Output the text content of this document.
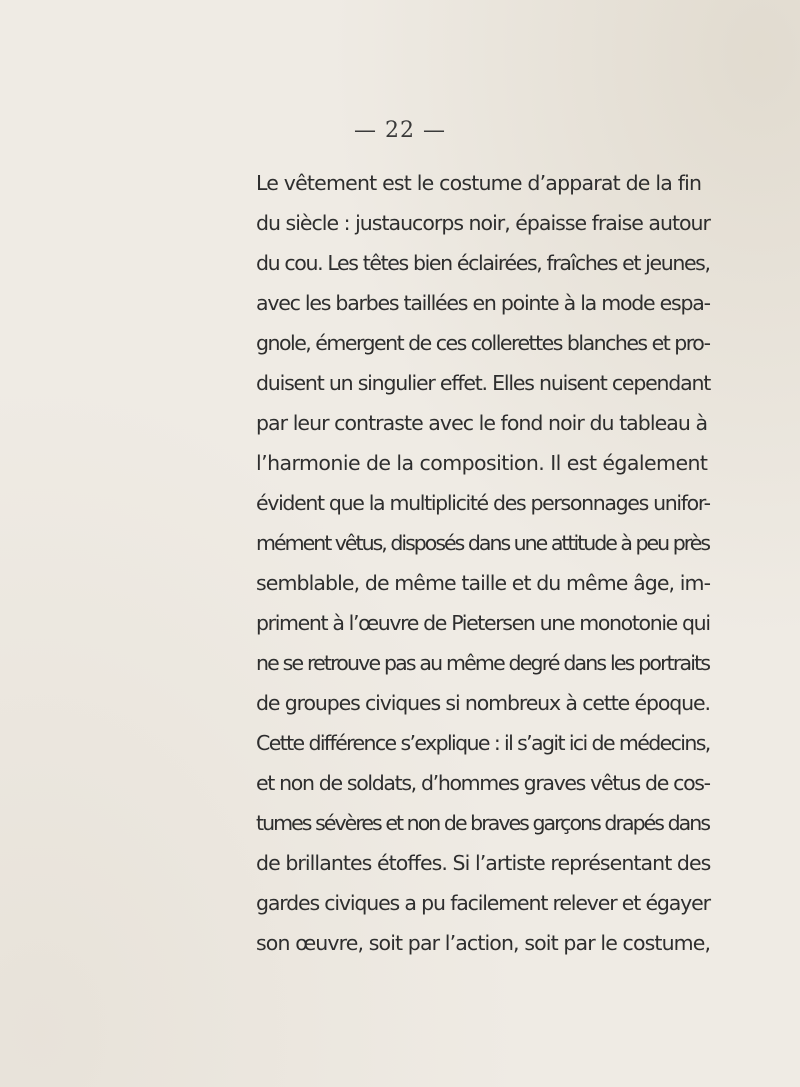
— 22 —
Le vêtement est le costume d’apparat de la fin
du siècle : justaucorps noir, épaisse fraise autour
du cou. Les têtes bien éclairées, fraîches et jeunes,
avec les barbes taillées en pointe à la mode espa-
gnole, émergent de ces collerettes blanches et pro-
duisent un singulier effet. Elles nuisent cependant
par leur contraste avec le fond noir du tableau à
l’harmonie de la composition. Il est également
évident que la multiplicité des personnages unifor-
mément vêtus, disposés dans une attitude à peu près
semblable, de même taille et du même âge, im-
priment à l’œuvre de Pietersen une monotonie qui
ne se retrouve pas au même degré dans les portraits
de groupes civiques si nombreux à cette époque.
Cette différence s’explique : il s’agit ici de médecins,
et non de soldats, d’hommes graves vêtus de cos-
tumes sévères et non de braves garçons drapés dans
de brillantes étoffes. Si l’artiste représentant des
gardes civiques a pu facilement relever et égayer
son œuvre, soit par l’action, soit par le costume,
